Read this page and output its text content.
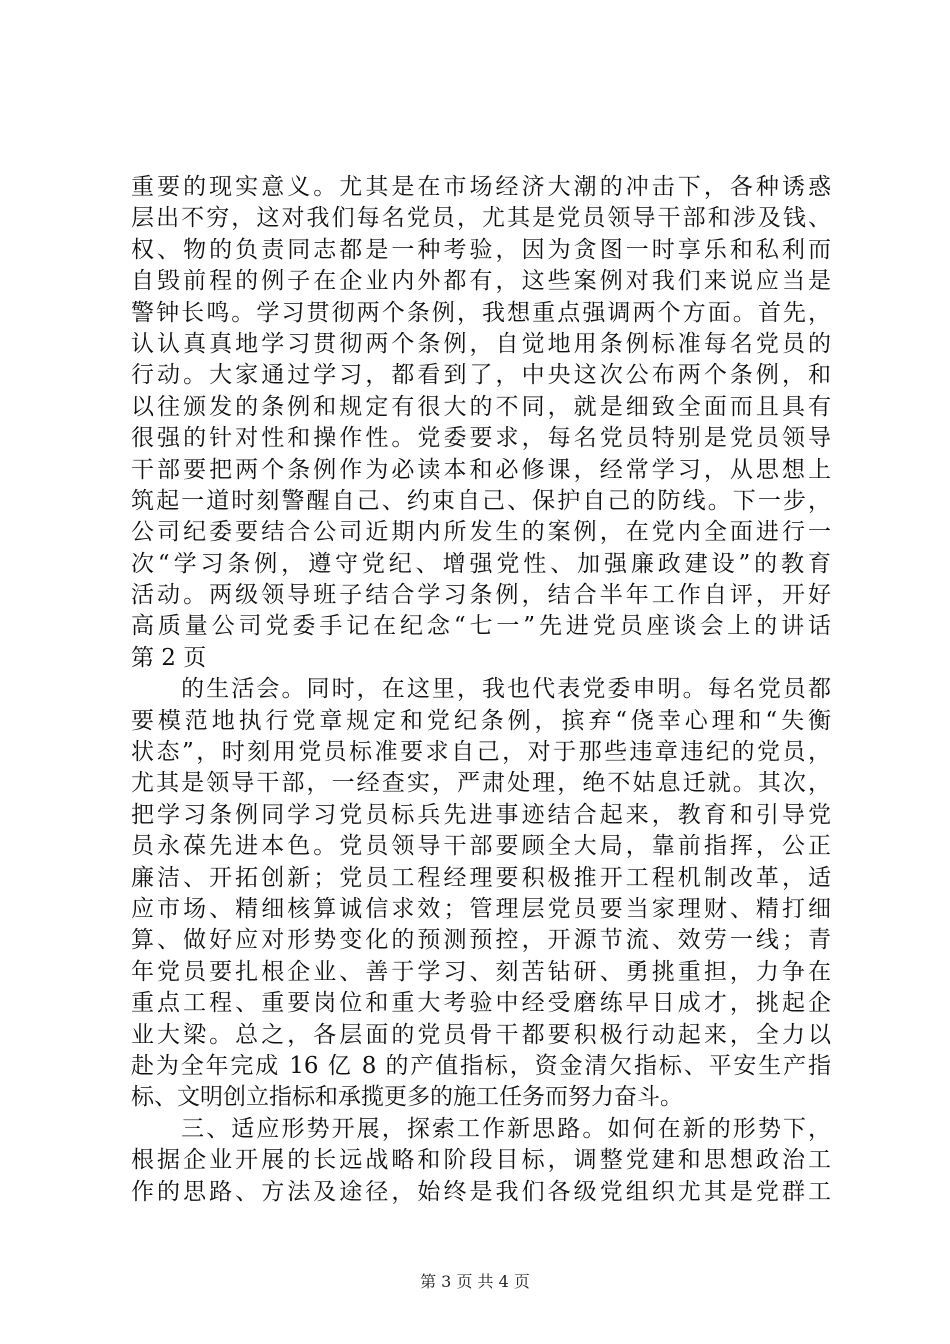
重要的现实意义。尤其是在市场经济大潮的冲击下，各种诱惑
层出不穷，这对我们每名党员，尤其是党员领导干部和涉及钱、
权、物的负责同志都是一种考验，因为贪图一时享乐和私利而
自毁前程的例子在企业内外都有，这些案例对我们来说应当是
警钟长鸣。学习贯彻两个条例，我想重点强调两个方面。首先，
认认真真地学习贯彻两个条例，自觉地用条例标准每名党员的
行动。大家通过学习，都看到了，中央这次公布两个条例，和
以往颁发的条例和规定有很大的不同，就是细致全面而且具有
很强的针对性和操作性。党委要求，每名党员特别是党员领导
干部要把两个条例作为必读本和必修课，经常学习，从思想上
筑起一道时刻警醒自己、约束自己、保护自己的防线。下一步，
公司纪委要结合公司近期内所发生的案例，在党内全面进行一
次“学习条例，遵守党纪、增强党性、加强廉政建设”的教育
活动。两级领导班子结合学习条例，结合半年工作自评，开好
高质量公司党委手记在纪念“七一”先进党员座谈会上的讲话
第 2 页
　　的生活会。同时，在这里，我也代表党委申明。每名党员都
要模范地执行党章规定和党纪条例，摈弃“侥幸心理和“失衡
状态”，时刻用党员标准要求自己，对于那些违章违纪的党员，
尤其是领导干部，一经查实，严肃处理，绝不姑息迁就。其次，
把学习条例同学习党员标兵先进事迹结合起来，教育和引导党
员永葆先进本色。党员领导干部要顾全大局，靠前指挥，公正
廉洁、开拓创新；党员工程经理要积极推开工程机制改革，适
应市场、精细核算诚信求效；管理层党员要当家理财、精打细
算、做好应对形势变化的预测预控，开源节流、效劳一线；青
年党员要扎根企业、善于学习、刻苦钻研、勇挑重担，力争在
重点工程、重要岗位和重大考验中经受磨练早日成才，挑起企
业大梁。总之，各层面的党员骨干都要积极行动起来，全力以
赴为全年完成 16 亿 8 的产值指标，资金清欠指标、平安生产指
标、文明创立指标和承揽更多的施工任务而努力奋斗。
　　三、适应形势开展，探索工作新思路。如何在新的形势下，
根据企业开展的长远战略和阶段目标，调整党建和思想政治工
作的思路、方法及途径，始终是我们各级党组织尤其是党群工
第 3 页 共 4 页
